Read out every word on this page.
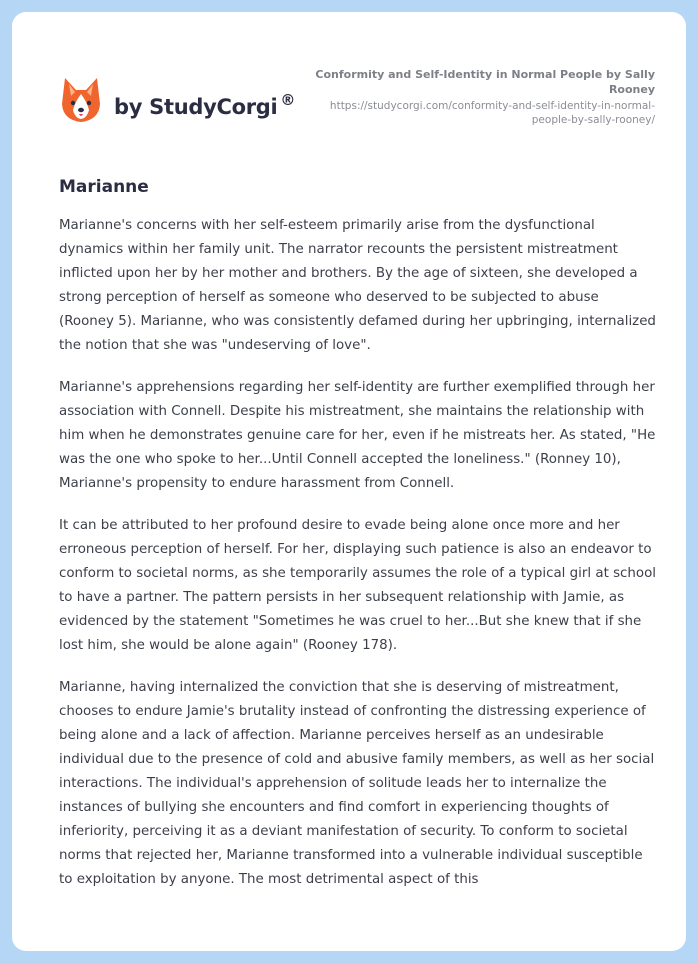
by StudyCorgi ®
Conformity and Self-Identity in Normal People by Sally Rooney
https://studycorgi.com/conformity-and-self-identity-in-normal-people-by-sally-rooney/
Marianne

Marianne's concerns with her self-esteem primarily arise from the dysfunctional dynamics within her family unit. The narrator recounts the persistent mistreatment inflicted upon her by her mother and brothers. By the age of sixteen, she developed a strong perception of herself as someone who deserved to be subjected to abuse (Rooney 5). Marianne, who was consistently defamed during her upbringing, internalized the notion that she was "undeserving of love".

Marianne's apprehensions regarding her self-identity are further exemplified through her association with Connell. Despite his mistreatment, she maintains the relationship with him when he demonstrates genuine care for her, even if he mistreats her. As stated, "He was the one who spoke to her...Until Connell accepted the loneliness." (Ronney 10), Marianne's propensity to endure harassment from Connell.

It can be attributed to her profound desire to evade being alone once more and her erroneous perception of herself. For her, displaying such patience is also an endeavor to conform to societal norms, as she temporarily assumes the role of a typical girl at school to have a partner. The pattern persists in her subsequent relationship with Jamie, as evidenced by the statement "Sometimes he was cruel to her...But she knew that if she lost him, she would be alone again" (Rooney 178).

Marianne, having internalized the conviction that she is deserving of mistreatment, chooses to endure Jamie's brutality instead of confronting the distressing experience of being alone and a lack of affection. Marianne perceives herself as an undesirable individual due to the presence of cold and abusive family members, as well as her social interactions. The individual's apprehension of solitude leads her to internalize the instances of bullying she encounters and find comfort in experiencing thoughts of inferiority, perceiving it as a deviant manifestation of security. To conform to societal norms that rejected her, Marianne transformed into a vulnerable individual susceptible to exploitation by anyone. The most detrimental aspect of this
